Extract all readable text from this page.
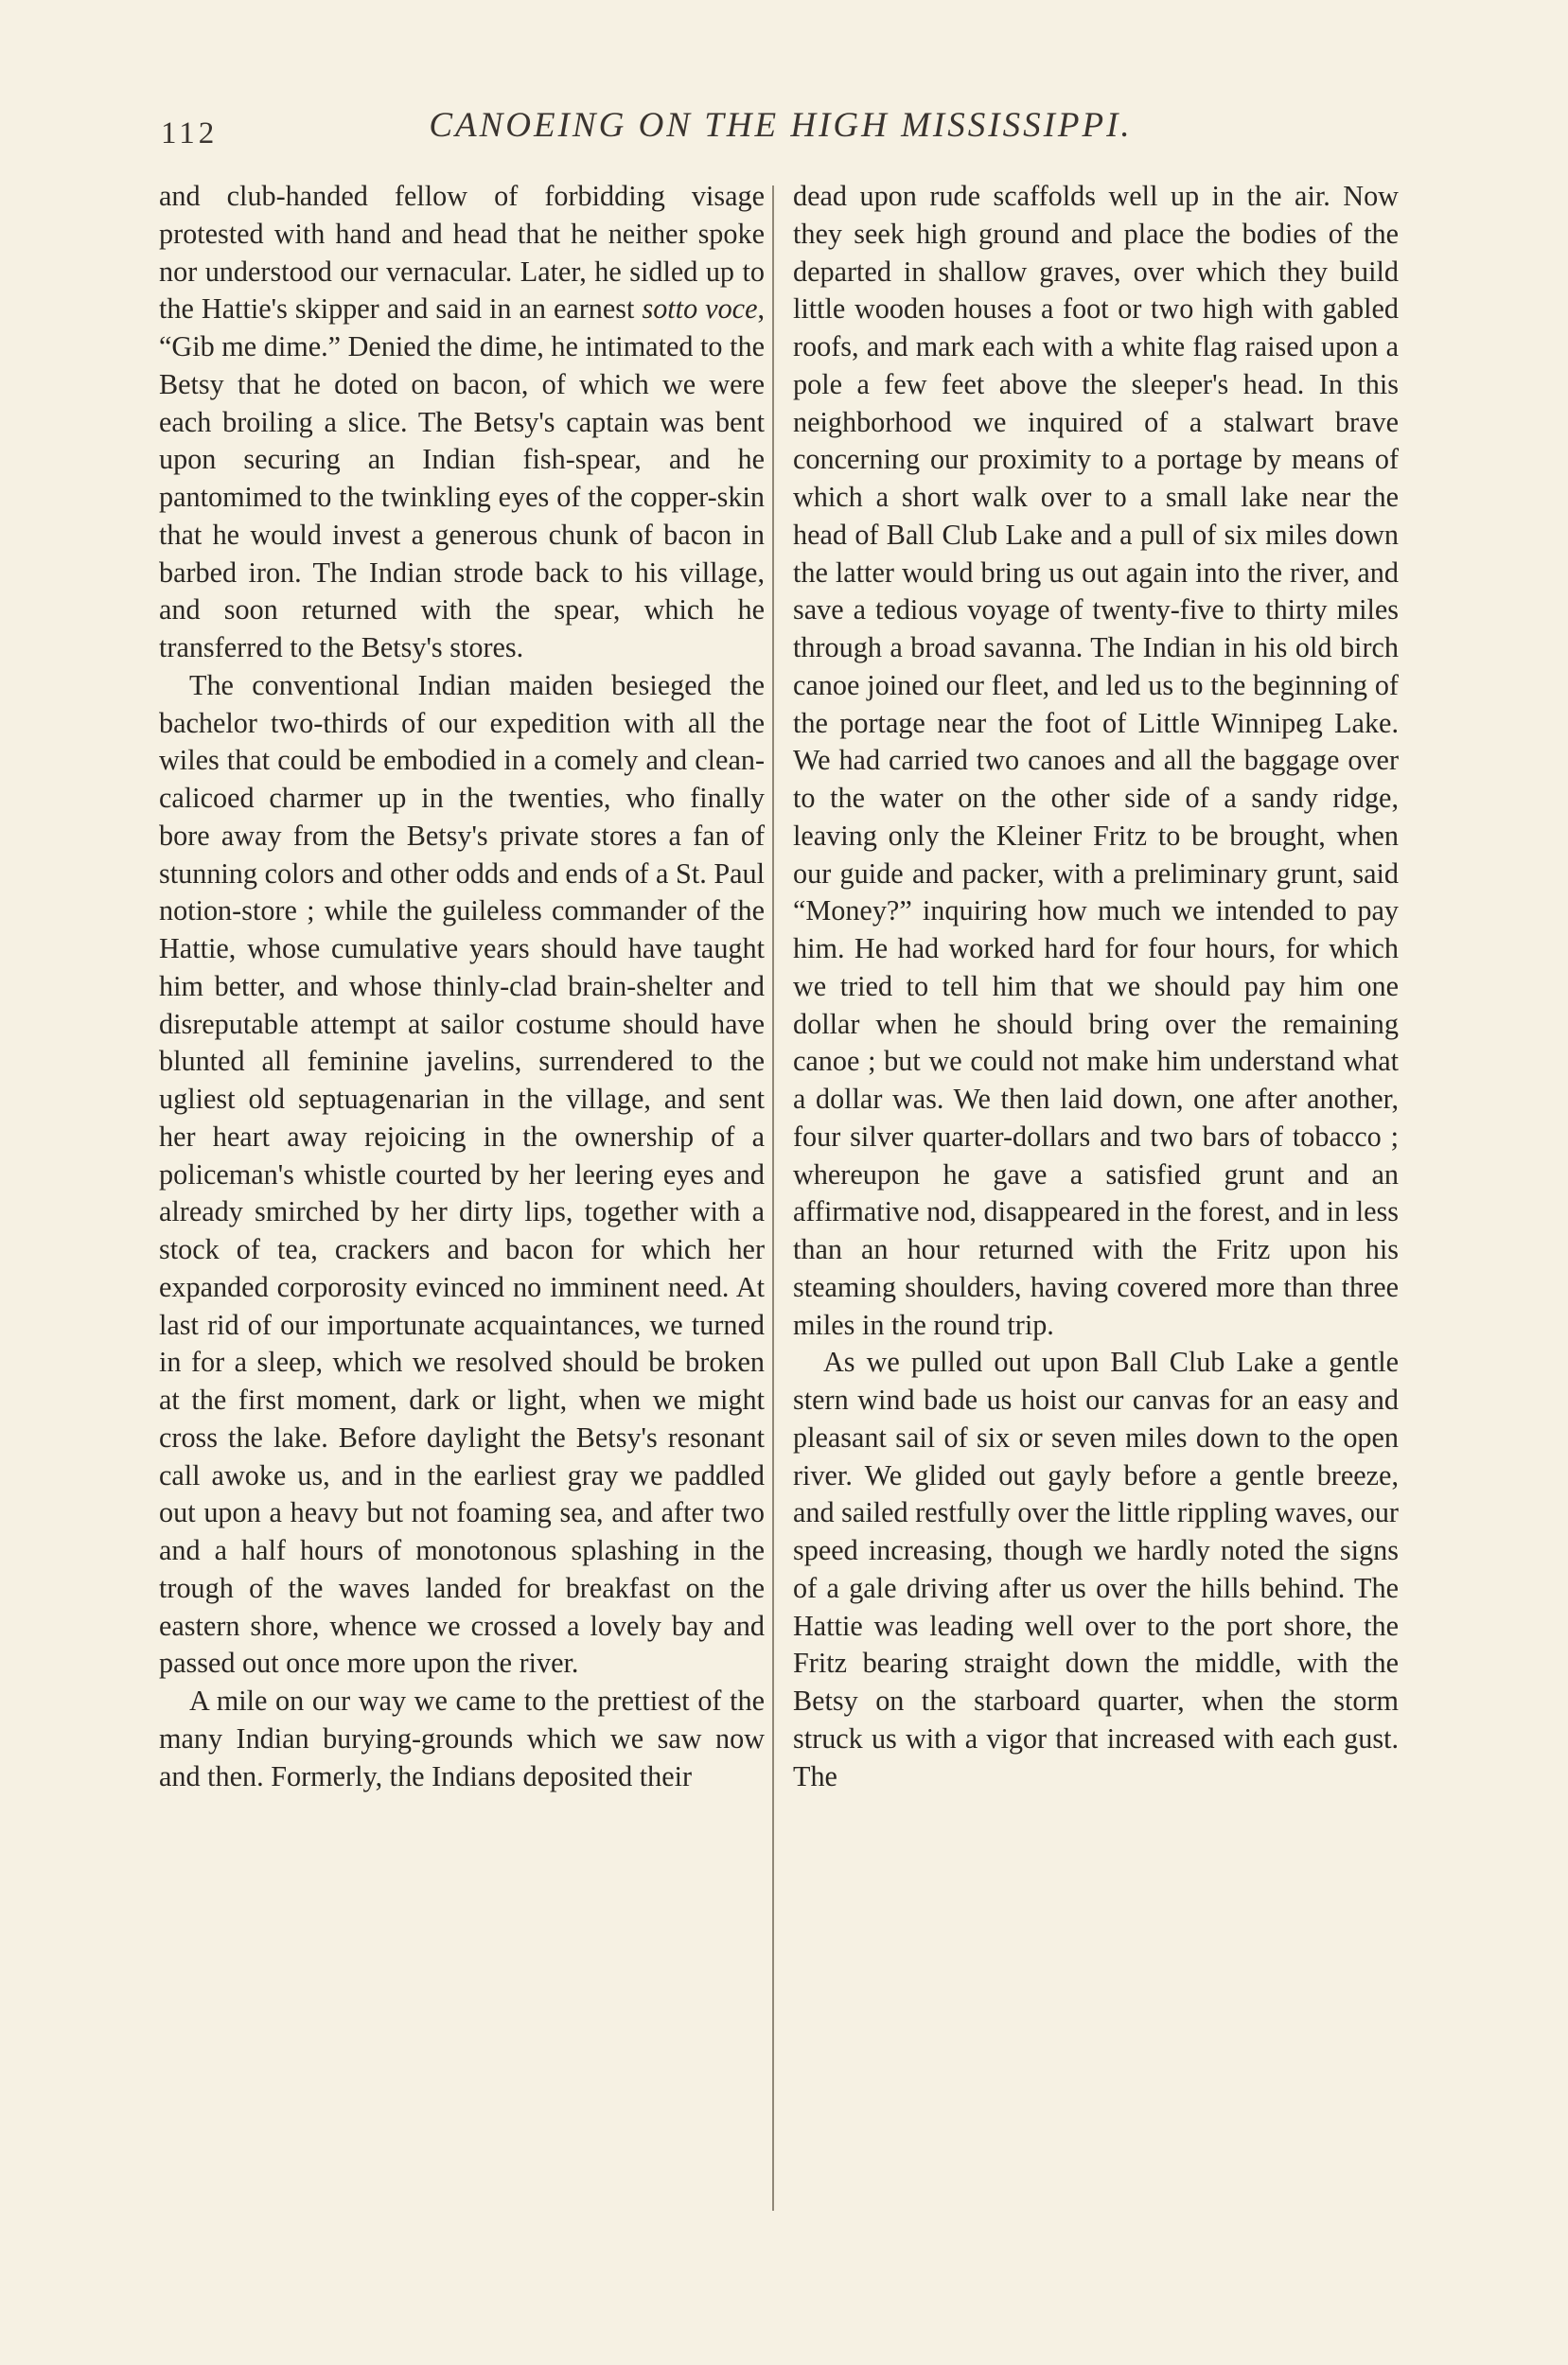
112	CANOEING ON THE HIGH MISSISSIPPI.

and club-handed fellow of forbidding visage protested with hand and head that he neither spoke nor understood our vernacular. Later, he sidled up to the Hattie's skipper and said in an earnest sotto voce, “Gib me dime.” Denied the dime, he intimated to the Betsy that he doted on bacon, of which we were each broiling a slice. The Betsy's captain was bent upon securing an Indian fish-spear, and he pantomimed to the twinkling eyes of the copper-skin that he would invest a generous chunk of bacon in barbed iron. The Indian strode back to his village, and soon returned with the spear, which he transferred to the Betsy's stores.

The conventional Indian maiden besieged the bachelor two-thirds of our expedition with all the wiles that could be embodied in a comely and clean-calicoed charmer up in the twenties, who finally bore away from the Betsy's private stores a fan of stunning colors and other odds and ends of a St. Paul notion-store ; while the guileless commander of the Hattie, whose cumulative years should have taught him better, and whose thinly-clad brain-shelter and disreputable attempt at sailor costume should have blunted all feminine javelins, surrendered to the ugliest old septuagenarian in the village, and sent her heart away rejoicing in the ownership of a policeman's whistle courted by her leering eyes and already smirched by her dirty lips, together with a stock of tea, crackers and bacon for which her expanded corporosity evinced no imminent need. At last rid of our importunate acquaintances, we turned in for a sleep, which we resolved should be broken at the first moment, dark or light, when we might cross the lake. Before daylight the Betsy's resonant call awoke us, and in the earliest gray we paddled out upon a heavy but not foaming sea, and after two and a half hours of monotonous splashing in the trough of the waves landed for breakfast on the eastern shore, whence we crossed a lovely bay and passed out once more upon the river.

A mile on our way we came to the prettiest of the many Indian burying-grounds which we saw now and then. Formerly, the Indians deposited their

dead upon rude scaffolds well up in the air. Now they seek high ground and place the bodies of the departed in shallow graves, over which they build little wooden houses a foot or two high with gabled roofs, and mark each with a white flag raised upon a pole a few feet above the sleeper's head. In this neighborhood we inquired of a stalwart brave concerning our proximity to a portage by means of which a short walk over to a small lake near the head of Ball Club Lake and a pull of six miles down the latter would bring us out again into the river, and save a tedious voyage of twenty-five to thirty miles through a broad savanna. The Indian in his old birch canoe joined our fleet, and led us to the beginning of the portage near the foot of Little Winnipeg Lake. We had carried two canoes and all the baggage over to the water on the other side of a sandy ridge, leaving only the Kleiner Fritz to be brought, when our guide and packer, with a preliminary grunt, said “Money?” inquiring how much we intended to pay him. He had worked hard for four hours, for which we tried to tell him that we should pay him one dollar when he should bring over the remaining canoe ; but we could not make him understand what a dollar was. We then laid down, one after another, four silver quarter-dollars and two bars of tobacco ; whereupon he gave a satisfied grunt and an affirmative nod, disappeared in the forest, and in less than an hour returned with the Fritz upon his steaming shoulders, having covered more than three miles in the round trip.

As we pulled out upon Ball Club Lake a gentle stern wind bade us hoist our canvas for an easy and pleasant sail of six or seven miles down to the open river. We glided out gayly before a gentle breeze, and sailed restfully over the little rippling waves, our speed increasing, though we hardly noted the signs of a gale driving after us over the hills behind. The Hattie was leading well over to the port shore, the Fritz bearing straight down the middle, with the Betsy on the starboard quarter, when the storm struck us with a vigor that increased with each gust. The
